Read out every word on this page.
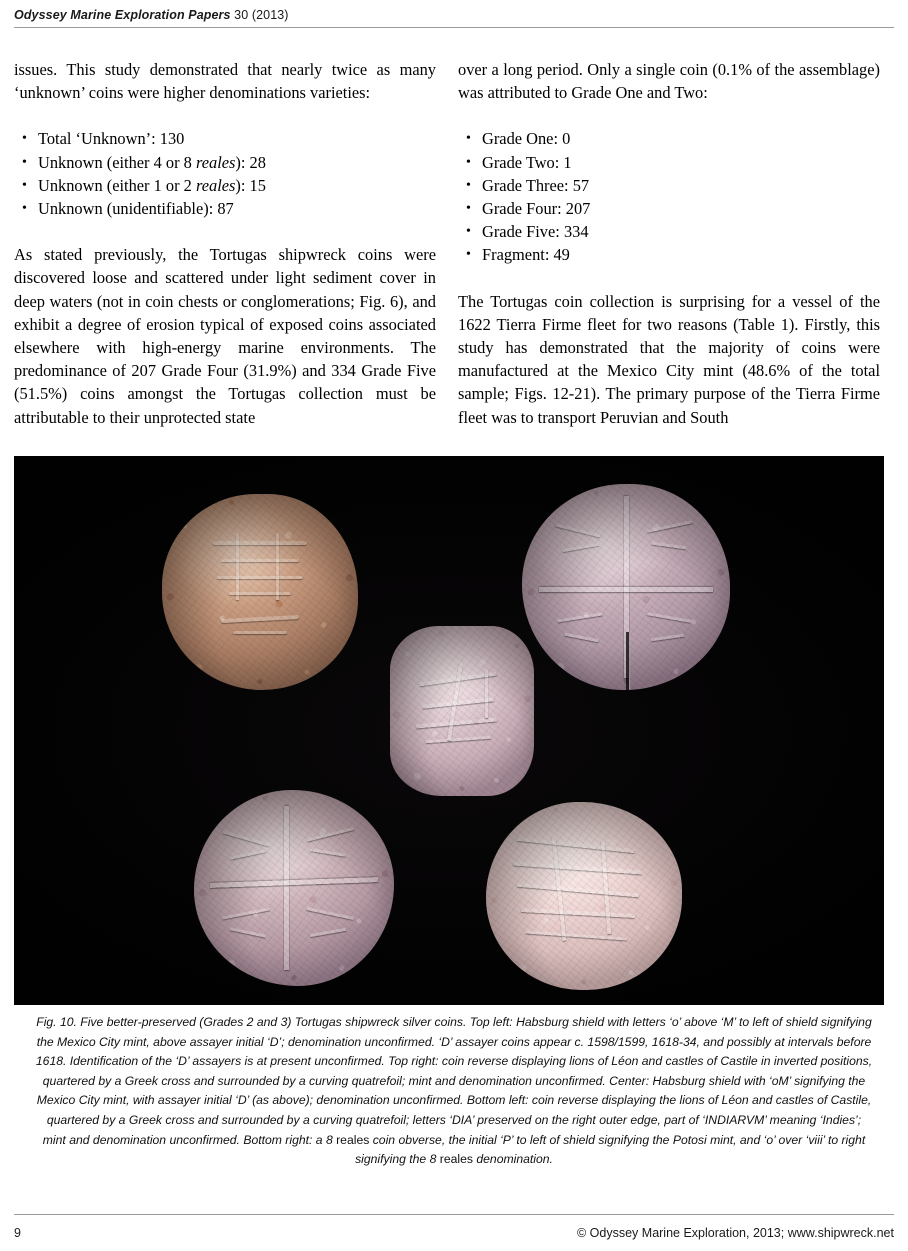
Odyssey Marine Exploration Papers 30 (2013)

issues. This study demonstrated that nearly twice as many ‘unknown’ coins were higher denominations varieties:

• Total ‘Unknown’: 130
• Unknown (either 4 or 8 reales): 28
• Unknown (either 1 or 2 reales): 15
• Unknown (unidentifiable): 87

As stated previously, the Tortugas shipwreck coins were discovered loose and scattered under light sediment cover in deep waters (not in coin chests or conglomerations; Fig. 6), and exhibit a degree of erosion typical of exposed coins associated elsewhere with high-energy marine environments. The predominance of 207 Grade Four (31.9%) and 334 Grade Five (51.5%) coins amongst the Tortugas collection must be attributable to their unprotected state

over a long period. Only a single coin (0.1% of the assemblage) was attributed to Grade One and Two:

• Grade One: 0
• Grade Two: 1
• Grade Three: 57
• Grade Four: 207
• Grade Five: 334
• Fragment: 49

The Tortugas coin collection is surprising for a vessel of the 1622 Tierra Firme fleet for two reasons (Table 1). Firstly, this study has demonstrated that the majority of coins were manufactured at the Mexico City mint (48.6% of the total sample; Figs. 12-21). The primary purpose of the Tierra Firme fleet was to transport Peruvian and South

Fig. 10. Five better-preserved (Grades 2 and 3) Tortugas shipwreck silver coins. Top left: Habsburg shield with letters ‘o’ above ‘M’ to left of shield signifying the Mexico City mint, above assayer initial ‘D’; denomination unconfirmed. ‘D’ assayer coins appear c. 1598/1599, 1618-34, and possibly at intervals before 1618. Identification of the ‘D’ assayers is at present unconfirmed. Top right: coin reverse displaying lions of Léon and castles of Castile in inverted positions, quartered by a Greek cross and surrounded by a curving quatrefoil; mint and denomination unconfirmed. Center: Habsburg shield with ‘oM’ signifying the Mexico City mint, with assayer initial ‘D’ (as above); denomination unconfirmed. Bottom left: coin reverse displaying the lions of Léon and castles of Castile, quartered by a Greek cross and surrounded by a curving quatrefoil; letters ‘DIA’ preserved on the right outer edge, part of ‘INDIARVM’ meaning ‘Indies’; mint and denomination unconfirmed. Bottom right: a 8 reales coin obverse, the initial ‘P’ to left of shield signifying the Potosi mint, and ‘o’ over ‘viii’ to right signifying the 8 reales denomination.
9	© Odyssey Marine Exploration, 2013; www.shipwreck.net
